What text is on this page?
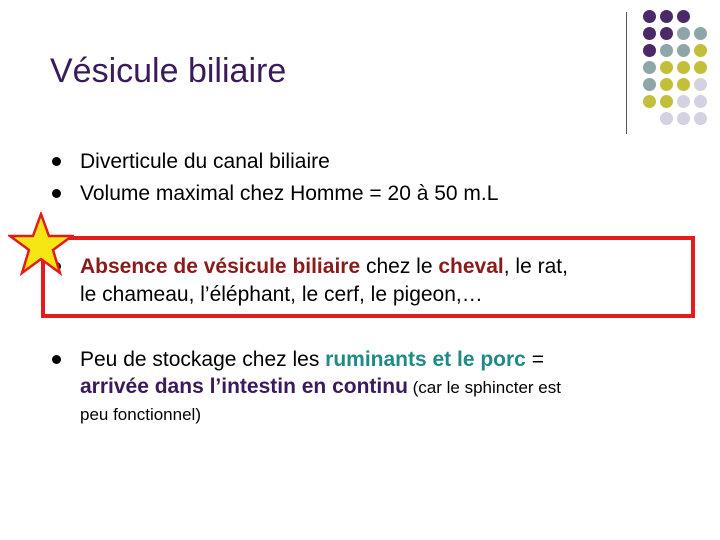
Vésicule biliaire
Diverticule du canal biliaire
Volume maximal chez Homme = 20 à 50 m.L
Absence de vésicule biliaire chez le cheval, le rat,
le chameau, l’éléphant, le cerf, le pigeon,…
Peu de stockage chez les ruminants et le porc =
arrivée dans l’intestin en continu (car le sphincter est
peu fonctionnel)
